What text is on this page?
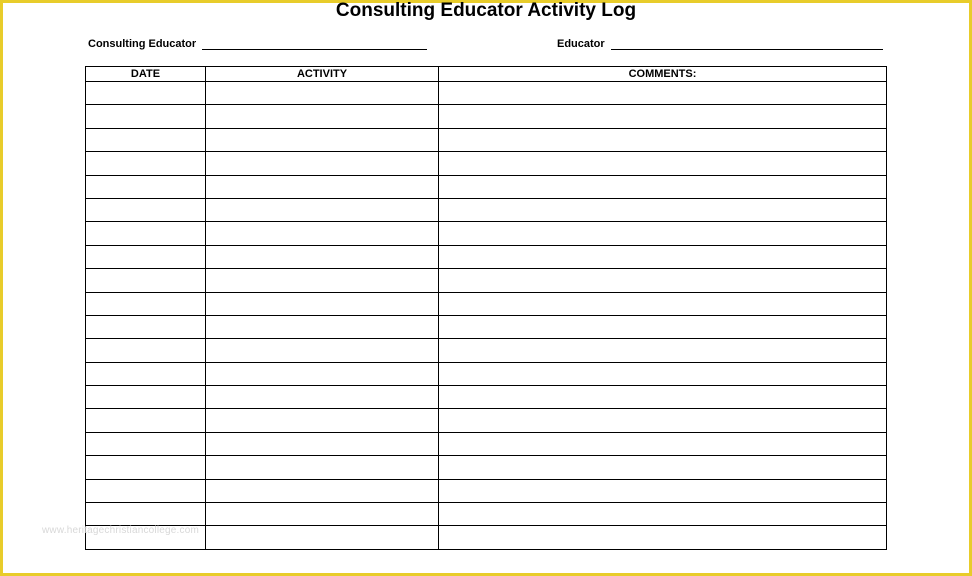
Consulting Educator Activity Log
Consulting Educator	Educator
DATE	ACTIVITY	COMMENTS:

www.heritagechristiancollege.com
